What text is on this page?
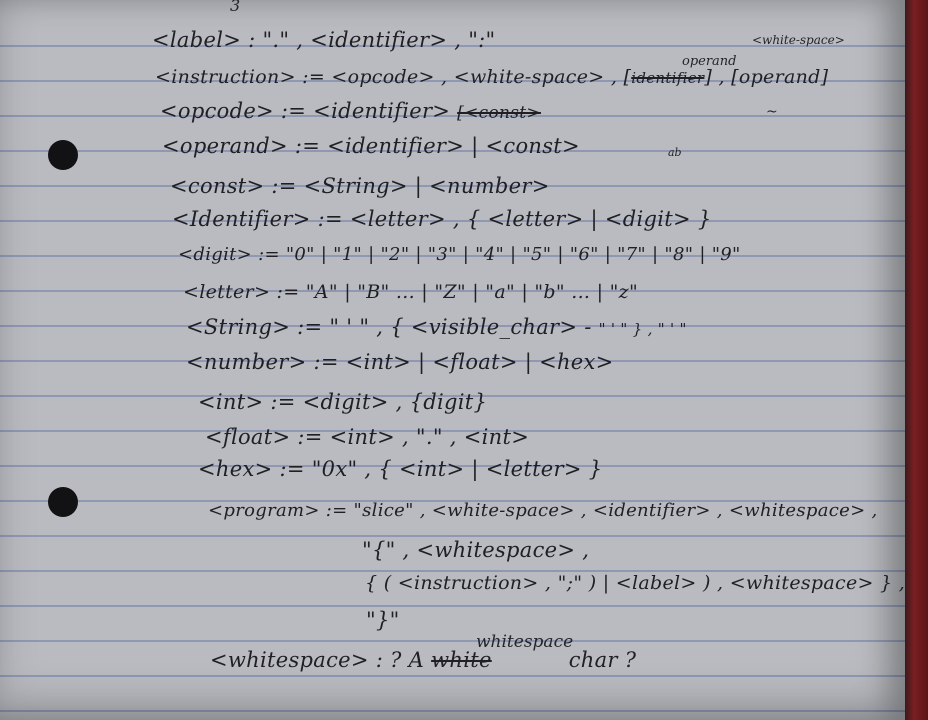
3
<white-space>
<label> : "." , <identifier> , ":"
<instruction> := <opcode> , <white-space> , [identifier] , [operand]
operand
~
<opcode> := <identifier> [<const>
<operand> := <identifier> | <const>	ab
<const> := <String> | <number>
<Identifier> := <letter> , { <letter> | <digit> }
<digit> := "0" | "1" | "2" | "3" | "4" | "5" | "6" | "7" | "8" | "9"
<letter> := "A" | "B" ... | "Z" | "a" | "b" ... | "z"
<String> := " ' " , { <visible_char> - " ' " } , " ' "
<number> := <int> | <float> | <hex>
<int> := <digit> , {digit}
<float> := <int> , "." , <int>
<hex> := "0x" , { <int> | <letter> }
<program> := "slice" , <white-space> , <identifier> , <whitespace> ,
"{" , <whitespace> ,
{ ( <instruction> , ";" ) | <label> ) , <whitespace> } ,
"}"
<whitespace> : ? A white	char ?
whitespace
